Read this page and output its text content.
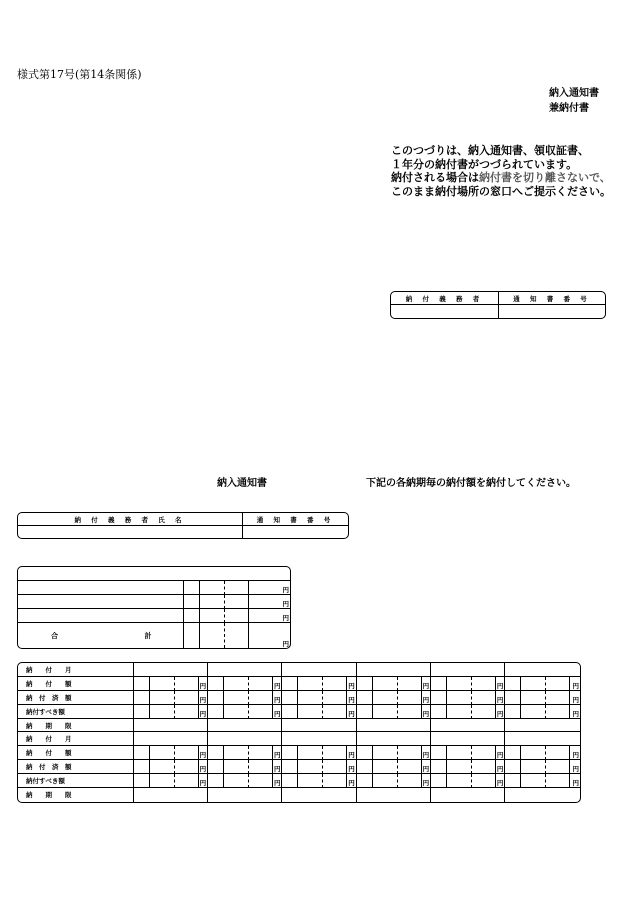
様式第17号(第14条関係)
納入通知書
兼納付書
このつづりは、納入通知書、領収証書、
１年分の納付書がつづられています。
納付される場合は納付書を切り離さないで、
このまま納付場所の窓口へご提示ください。
納 付 義 務 者	通 知 書 番 号

納入通知書	下記の各納期毎の納付額を納付してください。
納 付 義 務 者 氏 名	通 知 書 番 号

				円
				円
				円
合 計				円
納　　付　　月																								
納　　付　　額				円				円				円				円				円				円
納　付　済　額				円				円				円				円				円				円
納付すべき額				円				円				円				円				円				円
納　　期　　限																								
納　　付　　月																								
納　　付　　額				円				円				円				円				円				円
納　付　済　額				円				円				円				円				円				円
納付すべき額				円				円				円				円				円				円
納　　期　　限																								
